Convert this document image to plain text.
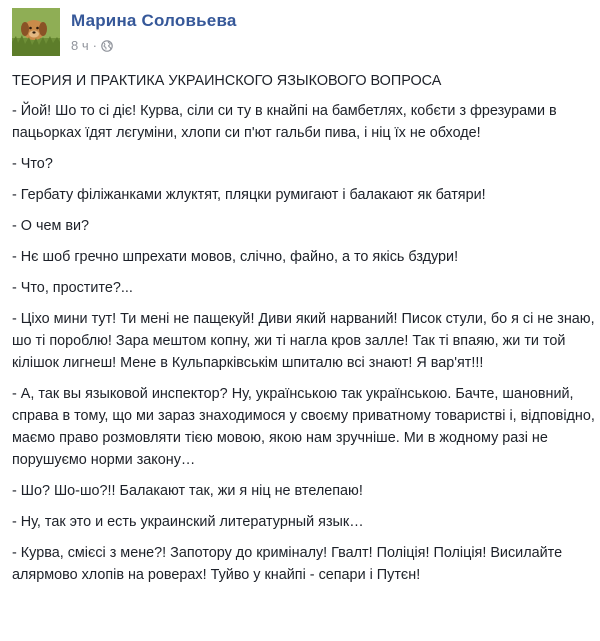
Марина Соловьева
8 ч ·

ТЕОРИЯ И ПРАКТИКА УКРАИНСКОГО ЯЗЫКОВОГО ВОПРОСА

- Йой! Шо то сі діє! Курва, сіли си ту в кнайпі на бамбетлях, кобєти з фрезурами в пацьорках їдят лєгуміни, хлопи си п'ют гальби пива, і ніц їх не обходе!

- Что?

- Гербату філіжанками жлуктят, пляцки румигают і балакают як батяри!

- О чем ви?

- Нє шоб гречно шпрехати мовов, слічно, файно, а то якісь бздури!

- Что, простите?...

- Ціхо мини тут! Ти мені не пащекуй! Диви який нарваний! Писок стули, бо я сі не знаю, шо ті пороблю! Зара мештом копну, жи ті нагла кров залле! Так ті впаяю, жи ти той кілішок лигнеш! Мене в Кульпарківськім шпиталю всі знают! Я вар'ят!!!

- А, так вы языковой инспектор? Ну, українською так українською. Бачте, шановний, справа в тому, що ми зараз знаходимося у своєму приватному товаристві і, відповідно, маємо право розмовляти тією мовою, якою нам зручніше. Ми в жодному разі не порушуємо норми закону…

- Шо? Шо-шо?!! Балакают так, жи я ніц не втелепаю!

- Ну, так это и есть украинский литературный язык…

- Курва, смієсі з мене?! Запотору до криміналу! Гвалт! Поліція! Поліція! Висилайте алярмово хлопів на роверах! Туйво у кнайпі - сепари і Путєн!
